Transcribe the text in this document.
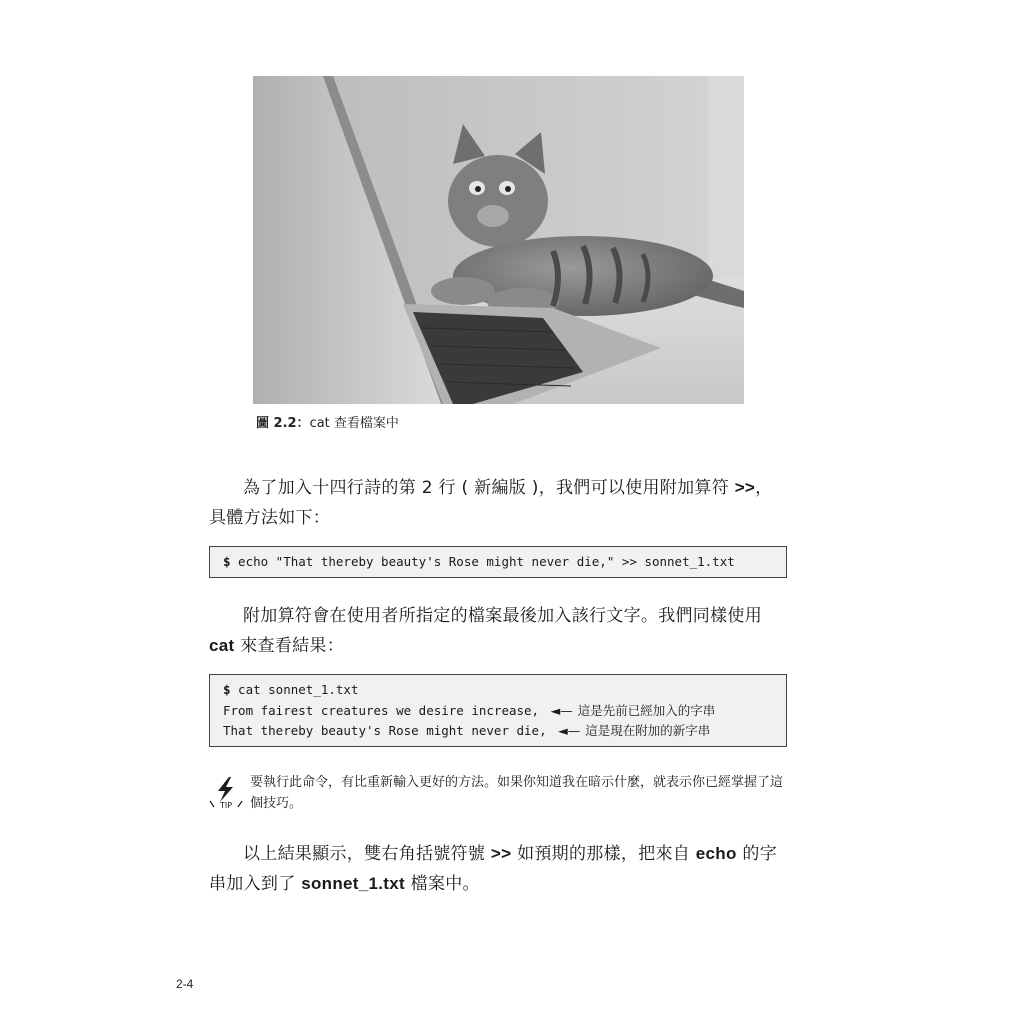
圖 2.2：cat 查看檔案中
為了加入十四行詩的第 2 行 ( 新編版 )，我們可以使用附加算符 >>，具體方法如下：
$ echo "That thereby beauty's Rose might never die," >> sonnet_1.txt
附加算符會在使用者所指定的檔案最後加入該行文字。我們同樣使用 cat 來查看結果：
$ cat sonnet_1.txt
From fairest creatures we desire increase, ◄— 這是先前已經加入的字串
That thereby beauty's Rose might never die, ◄— 這是現在附加的新字串
TIP
要執行此命令，有比重新輸入更好的方法。如果你知道我在暗示什麼，就表示你已經掌握了這個技巧。
以上結果顯示，雙右角括號符號 >> 如預期的那樣，把來自 echo 的字串加入到了 sonnet_1.txt 檔案中。
2-4
